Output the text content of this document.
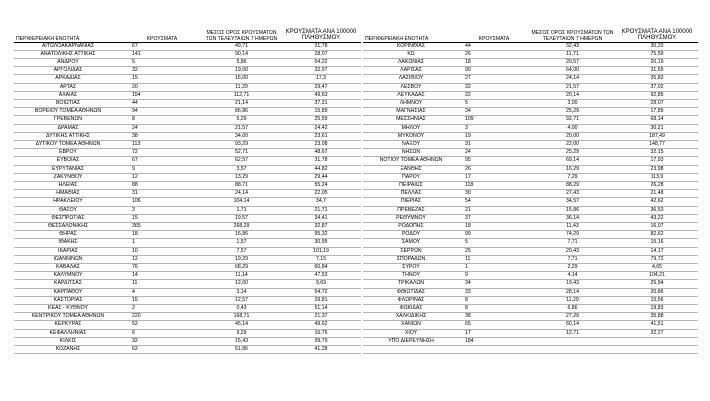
ΠΕΡΙΦΕΡΕΙΑΚΗ ΕΝΟΤΗΤΑ	ΚΡΟΥΣΜΑΤΑ	ΜΕΣΟΣ ΟΡΟΣ ΚΡΟΥΣΜΑΤΩΝ ΤΩΝ ΤΕΛΕΥΤΑΙΩΝ 7 ΗΜΕΡΩΝ	ΚΡΟΥΣΜΑΤΑ ΑΝΑ 100000 ΠΛΗΘΥΣΜΟΥ
ΑΙΤΩΛΟΑΚΑΡΝΑΝΙΑΣ	67	49,71	31,78
ΑΝΑΤΟΛΙΚΗΣ ΑΤΤΙΚΗΣ	141	90,14	28,07
ΑΝΔΡΟΥ	5	5,86	54,22
ΑΡΓΟΛΙΔΑΣ	32	19,00	32,97
ΑΡΚΑΔΙΑΣ	15	16,00	17,3
ΑΡΤΑΣ	20	11,29	29,47
ΑΧΑΪΑΣ	154	112,71	49,63
ΒΟΙΩΤΙΑΣ	44	21,14	37,31
ΒΟΡΕΙΟΥ ΤΟΜΕΑ ΑΘΗΝΩΝ	94	86,86	15,89
ΓΡΕΒΕΝΩΝ	8	5,29	25,59
ΔΡΑΜΑΣ	24	21,57	24,42
ΔΥΤΙΚΗΣ ΑΤΤΙΚΗΣ	38	34,00	23,61
ΔΥΤΙΚΟΥ ΤΟΜΕΑ ΑΘΗΝΩΝ	113	93,29	23,08
ΕΒΡΟΥ	72	52,71	48,67
ΕΥΒΟΙΑΣ	67	62,57	31,78
ΕΥΡΥΤΑΝΙΑΣ	9	3,57	44,82
ΖΑΚΥΝΘΟΥ	12	13,29	29,44
ΗΛΕΙΑΣ	88	88,71	55,24
ΗΜΑΘΙΑΣ	31	24,14	22,05
ΗΡΑΚΛΕΙΟΥ	106	104,14	34,7
ΘΑΣΟΥ	3	1,71	21,71
ΘΕΣΠΡΩΤΙΑΣ	15	19,57	34,41
ΘΕΣΣΑΛΟΝΙΚΗΣ	365	268,29	32,87
ΘΗΡΑΣ	18	16,86	95,32
ΙΘΑΚΗΣ	1	1,57	30,95
ΙΚΑΡΙΑΣ	10	7,57	101,19
ΙΩΑΝΝΙΝΩΝ	12	19,29	7,15
ΚΑΒΑΛΑΣ	76	68,29	60,84
ΚΑΛΥΜΝΟΥ	14	11,14	47,53
ΚΑΡΔΙΤΣΑΣ	11	12,00	9,69
ΚΑΡΠΑΘΟΥ	4	3,14	54,72
ΚΑΣΤΟΡΙΑΣ	15	12,57	29,81
ΚΕΑΣ - ΚΥΘΝΟΥ	2	0,43	51,14
ΚΕΝΤΡΙΚΟΥ ΤΟΜΕΑ ΑΘΗΝΩΝ	220	168,71	21,37
ΚΕΡΚΥΡΑΣ	52	45,14	49,62
ΚΕΦΑΛΛΗΝΙΑΣ	6	9,29	16,76
ΚΙΛΚΙΣ	32	15,43	39,79
ΚΟΖΑΝΗΣ	62	51,86	41,28
ΠΕΡΙΦΕΡΕΙΑΚΗ ΕΝΟΤΗΤΑ	ΚΡΟΥΣΜΑΤΑ	ΜΕΣΟΣ ΟΡΟΣ ΚΡΟΥΣΜΑΤΩΝ ΤΩΝ ΤΕΛΕΥΤΑΙΩΝ 7 ΗΜΕΡΩΝ	ΚΡΟΥΣΜΑΤΑ ΑΝΑ 100000 ΠΛΗΘΥΣΜΟΥ
ΚΟΡΙΝΘΙΑΣ	44	32,43	30,33
ΚΩ	26	11,71	75,59
ΛΑΚΩΝΙΑΣ	18	20,57	20,19
ΛΑΡΙΣΑΣ	90	64,00	31,65
ΛΑΣΙΘΙΟΥ	27	24,14	35,82
ΛΕΣΒΟΥ	32	21,57	37,02
ΛΕΥΚΑΔΑΣ	22	20,14	92,85
ΛΗΜΝΟΥ	5	3,00	28,07
ΜΑΓΝΗΣΙΑΣ	34	25,29	17,89
ΜΕΣΣΗΝΙΑΣ	109	92,71	68,14
ΜΗΛΟΥ	3	4,00	30,21
ΜΥΚΟΝΟΥ	19	20,00	187,49
ΝΑΞΟΥ	31	22,00	148,77
ΝΗΣΩΝ	24	25,29	32,15
ΝΟΤΙΟΥ ΤΟΜΕΑ ΑΘΗΝΩΝ	95	69,14	17,93
ΞΑΝΘΗΣ	26	16,29	23,98
ΠΑΡΟΥ	17	7,29	113,9
ΠΕΙΡΑΙΩΣ	118	88,29	26,28
ΠΕΛΛΑΣ	30	27,43	21,48
ΠΙΕΡΙΑΣ	54	34,57	42,62
ΠΡΕΒΕΖΑΣ	21	15,86	36,53
ΡΕΘΥΜΝΟΥ	37	36,14	43,22
ΡΟΔΟΠΗΣ	18	11,43	16,07
ΡΟΔΟΥ	99	74,29	82,62
ΣΑΜΟΥ	5	7,71	15,16
ΣΕΡΡΩΝ	25	20,43	14,17
ΣΠΟΡΑΔΩΝ	11	7,71	79,72
ΣΥΡΟΥ	1	2,29	4,65
ΤΗΝΟΥ	9	4,14	104,21
ΤΡΙΚΑΛΩΝ	34	19,43	25,94
ΦΘΙΩΤΙΔΑΣ	33	28,14	20,86
ΦΛΩΡΙΝΑΣ	8	11,29	15,56
ΦΩΚΙΔΑΣ	8	6,86	19,83
ΧΑΛΚΙΔΙΚΗΣ	38	27,29	35,88
ΧΑΝΙΩΝ	65	60,14	41,51
ΧΙΟΥ	17	12,71	32,27
ΥΠΟ ΔΙΕΡΕΥΝΗΣΗ	184		
